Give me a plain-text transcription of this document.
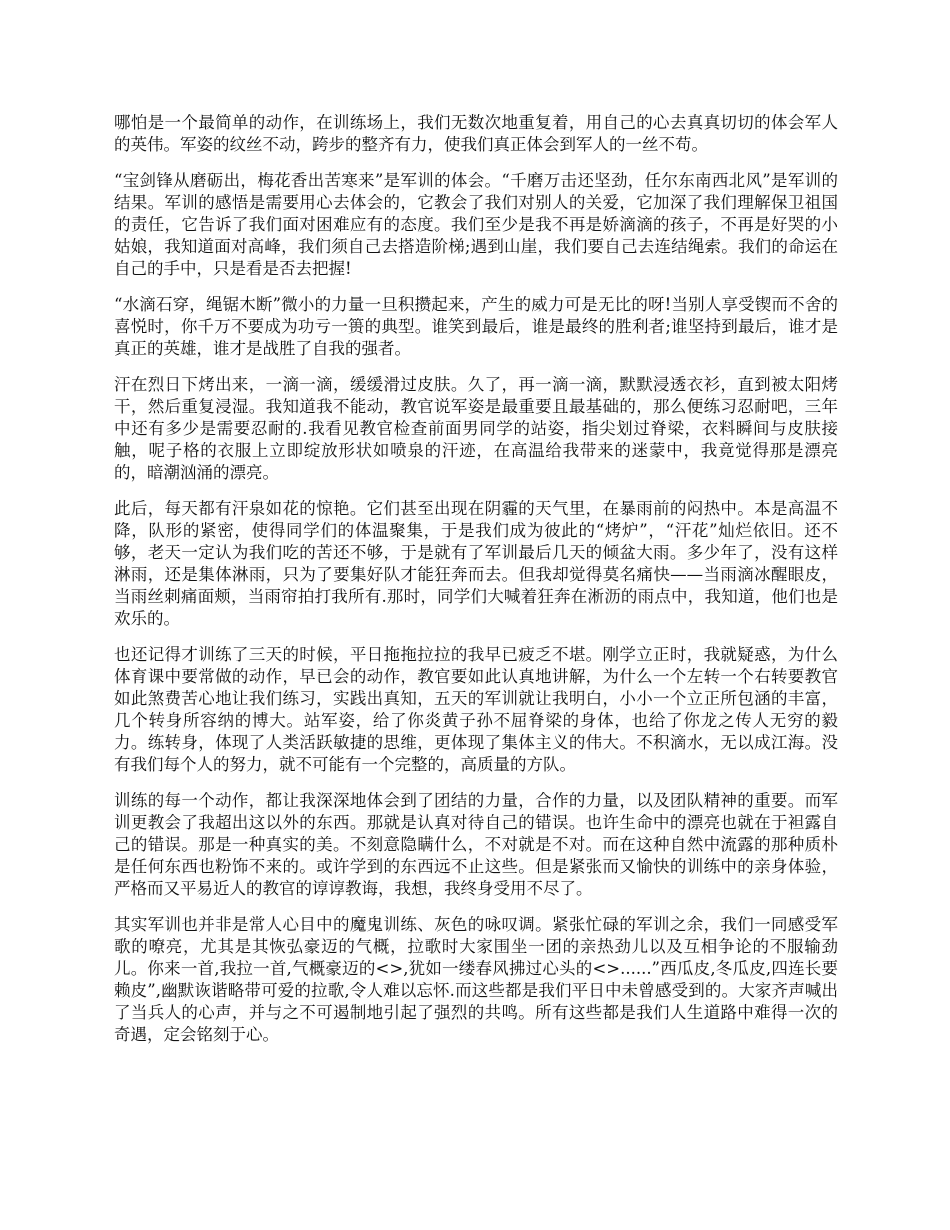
哪怕是一个最简单的动作，在训练场上，我们无数次地重复着，用自己的心去真真切切的体会军人的英伟。军姿的纹丝不动，跨步的整齐有力，使我们真正体会到军人的一丝不苟。

“宝剑锋从磨砺出，梅花香出苦寒来”是军训的体会。“千磨万击还坚劲，任尔东南西北风”是军训的结果。军训的感悟是需要用心去体会的，它教会了我们对别人的关爱，它加深了我们理解保卫祖国的责任，它告诉了我们面对困难应有的态度。我们至少是我不再是娇滴滴的孩子，不再是好哭的小姑娘，我知道面对高峰，我们须自己去搭造阶梯;遇到山崖，我们要自己去连结绳索。我们的命运在自己的手中，只是看是否去把握!

“水滴石穿，绳锯木断”微小的力量一旦积攒起来，产生的威力可是无比的呀!当别人享受锲而不舍的喜悦时，你千万不要成为功亏一篑的典型。谁笑到最后，谁是最终的胜利者;谁坚持到最后，谁才是真正的英雄，谁才是战胜了自我的强者。

汗在烈日下烤出来，一滴一滴，缓缓滑过皮肤。久了，再一滴一滴，默默浸透衣衫，直到被太阳烤干，然后重复浸湿。我知道我不能动，教官说军姿是最重要且最基础的，那么便练习忍耐吧，三年中还有多少是需要忍耐的.我看见教官检查前面男同学的站姿，指尖划过脊梁，衣料瞬间与皮肤接触，呢子格的衣服上立即绽放形状如喷泉的汗迹，在高温给我带来的迷蒙中，我竟觉得那是漂亮的，暗潮汹涌的漂亮。

此后，每天都有汗泉如花的惊艳。它们甚至出现在阴霾的天气里，在暴雨前的闷热中。本是高温不降，队形的紧密，使得同学们的体温聚集，于是我们成为彼此的“烤炉”，“汗花”灿烂依旧。还不够，老天一定认为我们吃的苦还不够，于是就有了军训最后几天的倾盆大雨。多少年了，没有这样淋雨，还是集体淋雨，只为了要集好队才能狂奔而去。但我却觉得莫名痛快——当雨滴冰醒眼皮，当雨丝刺痛面颊，当雨帘拍打我所有.那时，同学们大喊着狂奔在淅沥的雨点中，我知道，他们也是欢乐的。

也还记得才训练了三天的时候，平日拖拖拉拉的我早已疲乏不堪。刚学立正时，我就疑惑，为什么体育课中要常做的动作，早已会的动作，教官要如此认真地讲解，为什么一个左转一个右转要教官如此煞费苦心地让我们练习，实践出真知，五天的军训就让我明白，小小一个立正所包涵的丰富，几个转身所容纳的博大。站军姿，给了你炎黄子孙不屈脊梁的身体，也给了你龙之传人无穷的毅力。练转身，体现了人类活跃敏捷的思维，更体现了集体主义的伟大。不积滴水，无以成江海。没有我们每个人的努力，就不可能有一个完整的，高质量的方队。

训练的每一个动作，都让我深深地体会到了团结的力量，合作的力量，以及团队精神的重要。而军训更教会了我超出这以外的东西。那就是认真对待自己的错误。也许生命中的漂亮也就在于袒露自己的错误。那是一种真实的美。不刻意隐瞒什么，不对就是不对。而在这种自然中流露的那种质朴是任何东西也粉饰不来的。或许学到的东西远不止这些。但是紧张而又愉快的训练中的亲身体验，严格而又平易近人的教官的谆谆教诲，我想，我终身受用不尽了。

其实军训也并非是常人心目中的魔鬼训练、灰色的咏叹调。紧张忙碌的军训之余，我们一同感受军歌的嘹亮，尤其是其恢弘豪迈的气概，拉歌时大家围坐一团的亲热劲儿以及互相争论的不服输劲儿。你来一首,我拉一首,气概豪迈的<>,犹如一缕春风拂过心头的<>......”西瓜皮,冬瓜皮,四连长要赖皮”,幽默诙谐略带可爱的拉歌,令人难以忘怀.而这些都是我们平日中未曾感受到的。大家齐声喊出了当兵人的心声，并与之不可遏制地引起了强烈的共鸣。所有这些都是我们人生道路中难得一次的奇遇，定会铭刻于心。
